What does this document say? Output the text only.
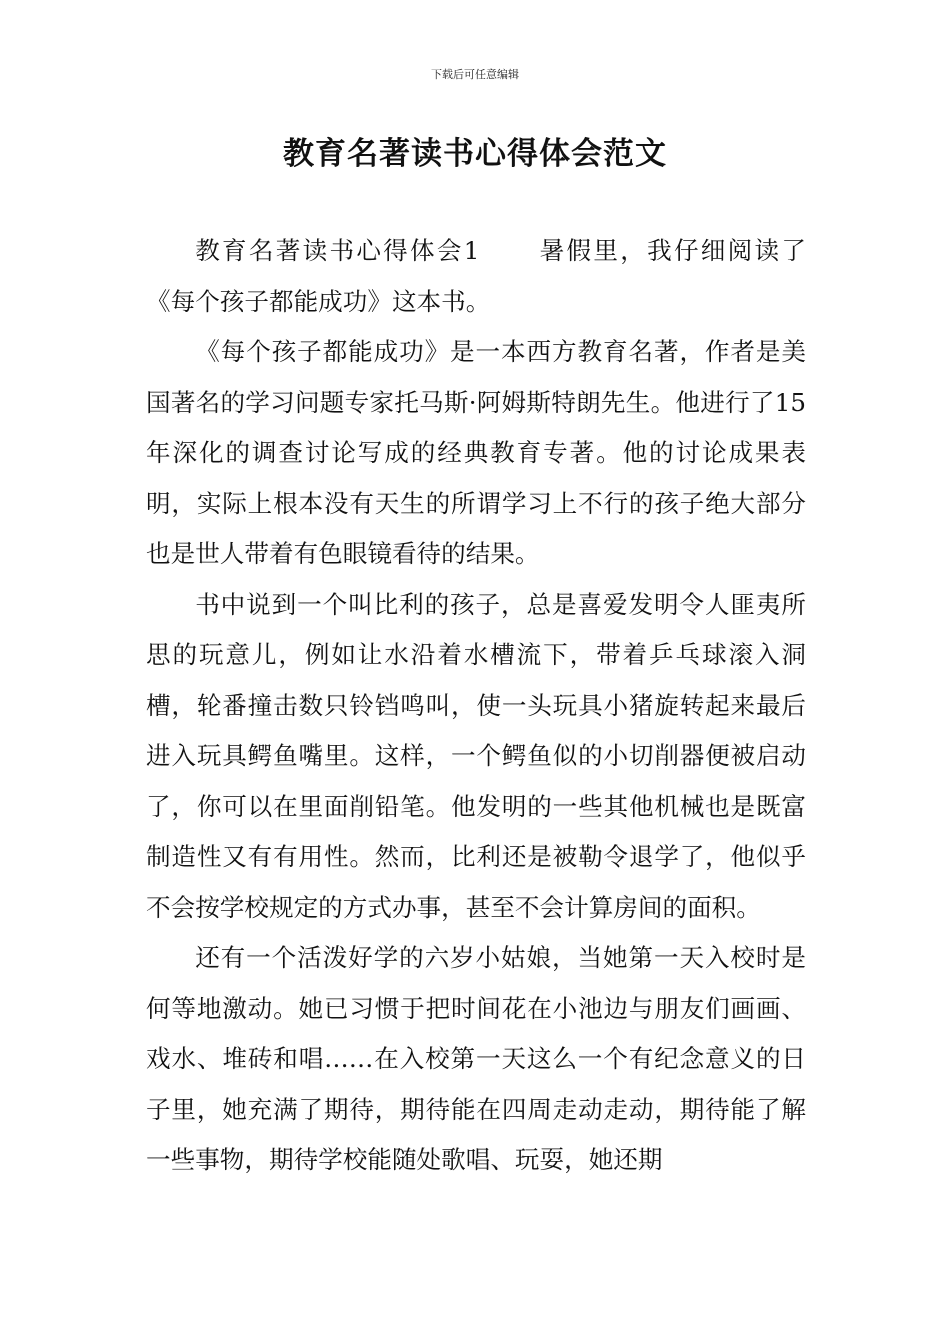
下载后可任意编辑
教育名著读书心得体会范文

教育名著读书心得体会1 暑假里，我仔细阅读了《每个孩子都能成功》这本书。

《每个孩子都能成功》是一本西方教育名著，作者是美国著名的学习问题专家托马斯·阿姆斯特朗先生。他进行了15年深化的调查讨论写成的经典教育专著。他的讨论成果表明，实际上根本没有天生的所谓学习上不行的孩子绝大部分也是世人带着有色眼镜看待的结果。

书中说到一个叫比利的孩子，总是喜爱发明令人匪夷所思的玩意儿，例如让水沿着水槽流下，带着乒乓球滚入洞槽，轮番撞击数只铃铛鸣叫，使一头玩具小猪旋转起来最后进入玩具鳄鱼嘴里。这样，一个鳄鱼似的小切削器便被启动了，你可以在里面削铅笔。他发明的一些其他机械也是既富制造性又有有用性。然而，比利还是被勒令退学了，他似乎不会按学校规定的方式办事，甚至不会计算房间的面积。

还有一个活泼好学的六岁小姑娘，当她第一天入校时是何等地激动。她已习惯于把时间花在小池边与朋友们画画、戏水、堆砖和唱……在入校第一天这么一个有纪念意义的日子里，她充满了期待，期待能在四周走动走动，期待能了解一些事物，期待学校能随处歌唱、玩耍，她还期
